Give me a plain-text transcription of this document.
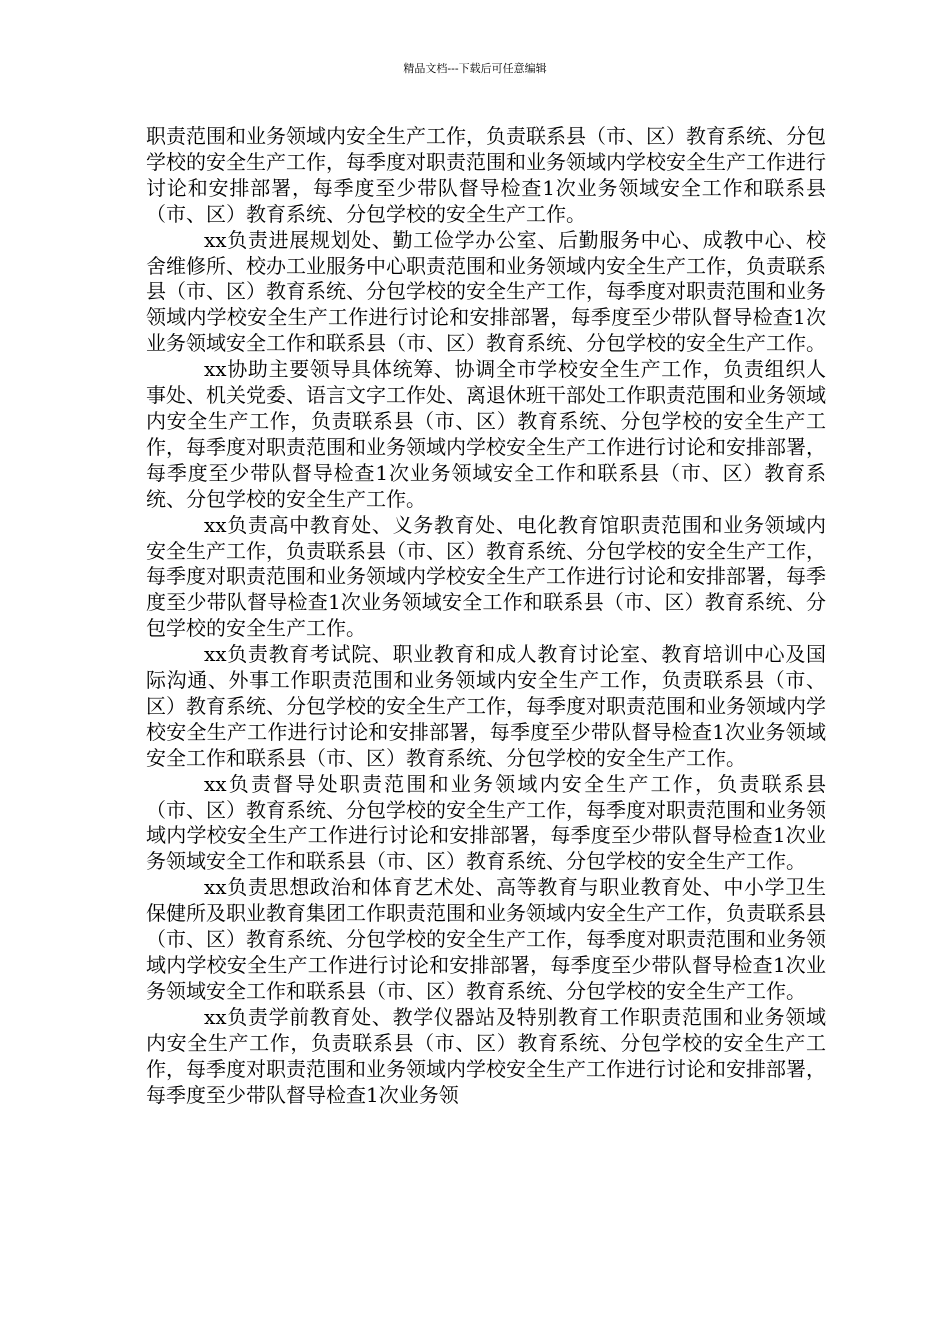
精品文档---下载后可任意编辑

职责范围和业务领域内安全生产工作，负责联系县（市、区）教育系统、分包学校的安全生产工作，每季度对职责范围和业务领域内学校安全生产工作进行讨论和安排部署，每季度至少带队督导检查1次业务领域安全工作和联系县（市、区）教育系统、分包学校的安全生产工作。

xx负责进展规划处、勤工俭学办公室、后勤服务中心、成教中心、校舍维修所、校办工业服务中心职责范围和业务领域内安全生产工作，负责联系县（市、区）教育系统、分包学校的安全生产工作，每季度对职责范围和业务领域内学校安全生产工作进行讨论和安排部署，每季度至少带队督导检查1次业务领域安全工作和联系县（市、区）教育系统、分包学校的安全生产工作。

xx协助主要领导具体统筹、协调全市学校安全生产工作，负责组织人事处、机关党委、语言文字工作处、离退休班干部处工作职责范围和业务领域内安全生产工作，负责联系县（市、区）教育系统、分包学校的安全生产工作，每季度对职责范围和业务领域内学校安全生产工作进行讨论和安排部署，每季度至少带队督导检查1次业务领域安全工作和联系县（市、区）教育系统、分包学校的安全生产工作。

xx负责高中教育处、义务教育处、电化教育馆职责范围和业务领域内安全生产工作，负责联系县（市、区）教育系统、分包学校的安全生产工作，每季度对职责范围和业务领域内学校安全生产工作进行讨论和安排部署，每季度至少带队督导检查1次业务领域安全工作和联系县（市、区）教育系统、分包学校的安全生产工作。

xx负责教育考试院、职业教育和成人教育讨论室、教育培训中心及国际沟通、外事工作职责范围和业务领域内安全生产工作，负责联系县（市、区）教育系统、分包学校的安全生产工作，每季度对职责范围和业务领域内学校安全生产工作进行讨论和安排部署，每季度至少带队督导检查1次业务领域安全工作和联系县（市、区）教育系统、分包学校的安全生产工作。

xx负责督导处职责范围和业务领域内安全生产工作，负责联系县（市、区）教育系统、分包学校的安全生产工作，每季度对职责范围和业务领域内学校安全生产工作进行讨论和安排部署，每季度至少带队督导检查1次业务领域安全工作和联系县（市、区）教育系统、分包学校的安全生产工作。

xx负责思想政治和体育艺术处、高等教育与职业教育处、中小学卫生保健所及职业教育集团工作职责范围和业务领域内安全生产工作，负责联系县（市、区）教育系统、分包学校的安全生产工作，每季度对职责范围和业务领域内学校安全生产工作进行讨论和安排部署，每季度至少带队督导检查1次业务领域安全工作和联系县（市、区）教育系统、分包学校的安全生产工作。

xx负责学前教育处、教学仪器站及特别教育工作职责范围和业务领域内安全生产工作，负责联系县（市、区）教育系统、分包学校的安全生产工作，每季度对职责范围和业务领域内学校安全生产工作进行讨论和安排部署，每季度至少带队督导检查1次业务领
